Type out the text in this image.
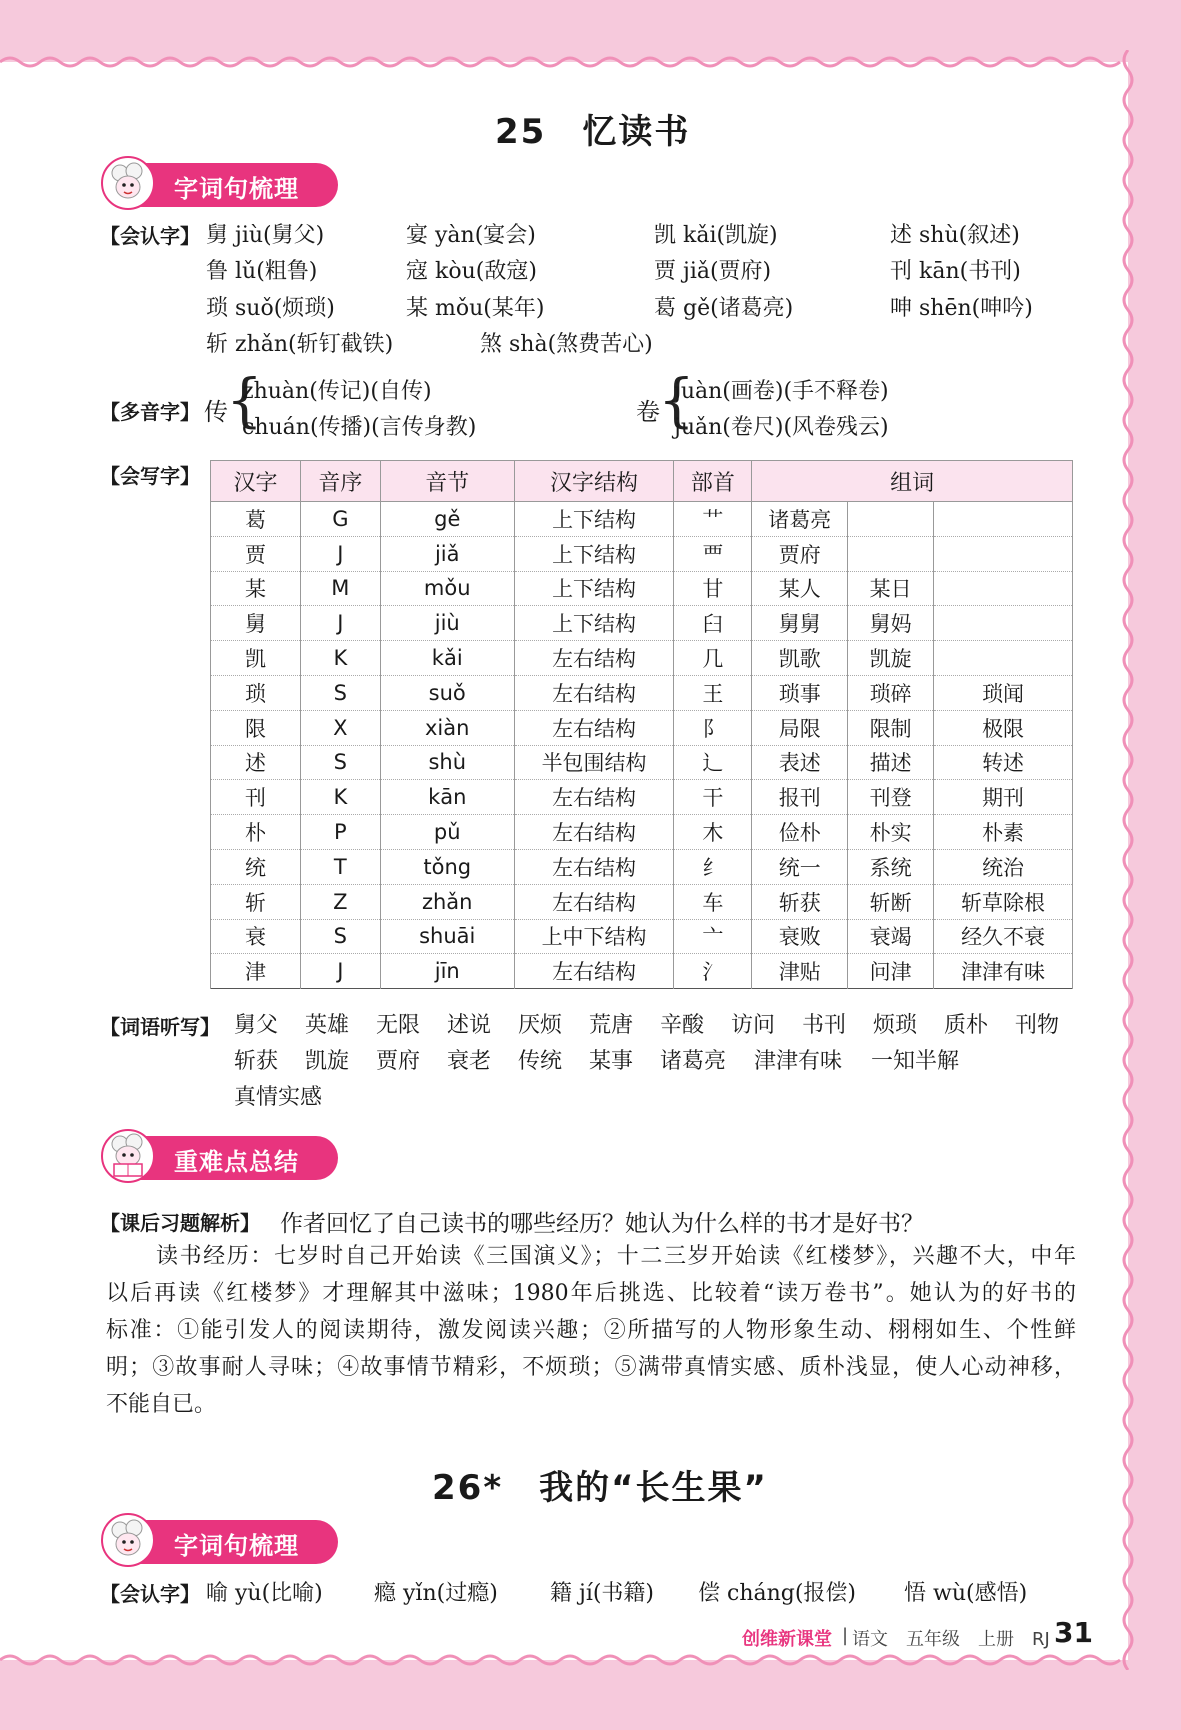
25　忆读书
字词句梳理
【会认字】 舅 jiù(舅父)	宴 yàn(宴会)	凯 kǎi(凯旋)	述 shù(叙述)
鲁 lǔ(粗鲁)	寇 kòu(敌寇)	贾 jiǎ(贾府)	刊 kān(书刊)
琐 suǒ(烦琐)	某 mǒu(某年)	葛 gě(诸葛亮)	呻 shēn(呻吟)
斩 zhǎn(斩钉截铁)	煞 shà(煞费苦心)
【多音字】 传
{
zhuàn(传记)(自传)
chuán(传播)(言传身教)
卷
{
juàn(画卷)(手不释卷)
juǎn(卷尺)(风卷残云)
【会写字】 汉字	音序	音节	汉字结构	部首	组词		
葛	G	gě	上下结构	艹	诸葛亮		
贾	J	jiǎ	上下结构	覀	贾府		
某	M	mǒu	上下结构	甘	某人	某日	
舅	J	jiù	上下结构	臼	舅舅	舅妈	
凯	K	kǎi	左右结构	几	凯歌	凯旋	
琐	S	suǒ	左右结构	王	琐事	琐碎	琐闻
限	X	xiàn	左右结构	阝	局限	限制	极限
述	S	shù	半包围结构	辶	表述	描述	转述
刊	K	kān	左右结构	干	报刊	刊登	期刊
朴	P	pǔ	左右结构	木	俭朴	朴实	朴素
统	T	tǒng	左右结构	纟	统一	系统	统治
斩	Z	zhǎn	左右结构	车	斩获	斩断	斩草除根
衰	S	shuāi	上中下结构	亠	衰败	衰竭	经久不衰
津	J	jīn	左右结构	氵	津贴	问津	津津有味
【词语听写】 舅父 英雄 无限 述说 厌烦 荒唐 辛酸 访问 书刊 烦琐 质朴 刊物
斩获 凯旋 贾府 衰老 传统 某事 诸葛亮 津津有味 一知半解
真情实感
重难点总结
【课后习题解析】 作者回忆了自己读书的哪些经历？她认为什么样的书才是好书？
读书经历：七岁时自己开始读《三国演义》；十二三岁开始读《红楼梦》，兴趣不大，中年
以后再读《红楼梦》才理解其中滋味；1980年后挑选、比较着“读万卷书”。她认为的好书的
标准：①能引发人的阅读期待，激发阅读兴趣；②所描写的人物形象生动、栩栩如生、个性鲜
明；③故事耐人寻味；④故事情节精彩，不烦琐；⑤满带真情实感、质朴浅显，使人心动神移，
不能自已。
26*　我的“长生果”
字词句梳理
【会认字】 喻 yù(比喻) 瘾 yǐn(过瘾) 籍 jí(书籍) 偿 cháng(报偿) 悟 wù(感悟)
创维新课堂 | 语文　五年级　上册　RJ 31
